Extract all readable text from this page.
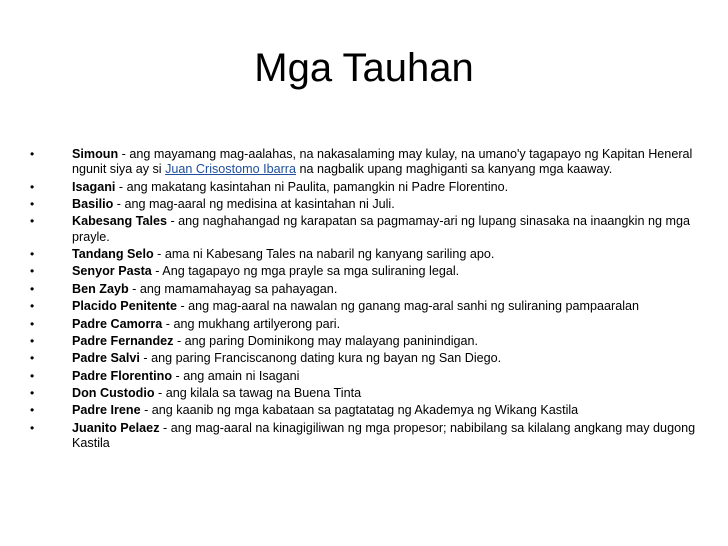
Mga Tauhan
•	Simoun - ang mayamang mag-aalahas, na nakasalaming may kulay, na umano'y tagapayo ng Kapitan Heneral ngunit siya ay si Juan Crisostomo Ibarra na nagbalik upang maghiganti sa kanyang mga kaaway.
•	Isagani - ang makatang kasintahan ni Paulita, pamangkin ni Padre Florentino.
•	Basilio - ang mag-aaral ng medisina at kasintahan ni Juli.
•	Kabesang Tales - ang naghahangad ng karapatan sa pagmamay-ari ng lupang sinasaka na inaangkin ng mga prayle.
•	Tandang Selo - ama ni Kabesang Tales na nabaril ng kanyang sariling apo.
•	Senyor Pasta - Ang tagapayo ng mga prayle sa mga suliraning legal.
•	Ben Zayb - ang mamamahayag sa pahayagan.
•	Placido Penitente - ang mag-aaral na nawalan ng ganang mag-aral sanhi ng suliraning pampaaralan
•	Padre Camorra - ang mukhang artilyerong pari.
•	Padre Fernandez - ang paring Dominikong may malayang paninindigan.
•	Padre Salvi - ang paring Franciscanong dating kura ng bayan ng San Diego.
•	Padre Florentino - ang amain ni Isagani
•	Don Custodio - ang kilala sa tawag na Buena Tinta
•	Padre Irene - ang kaanib ng mga kabataan sa pagtatatag ng Akademya ng Wikang Kastila
•	Juanito Pelaez - ang mag-aaral na kinagigiliwan ng mga propesor; nabibilang sa kilalang angkang may dugong Kastila
